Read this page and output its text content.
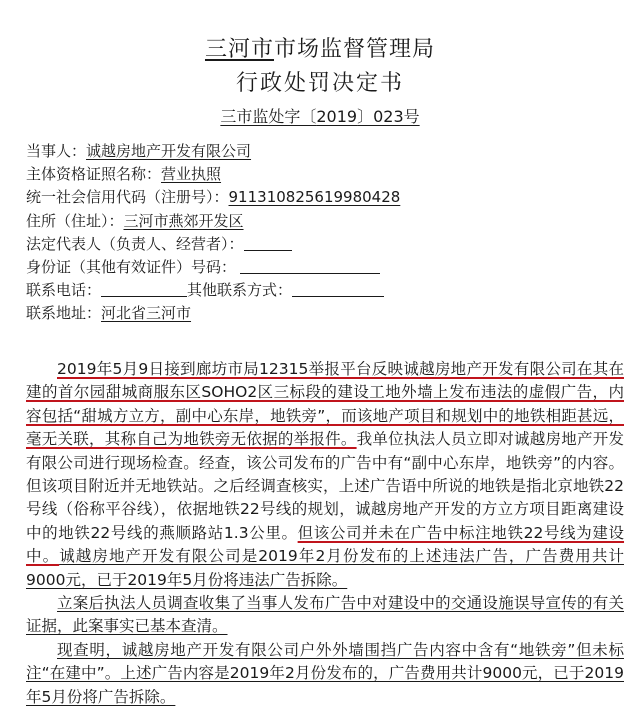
三河市市场监督管理局
行政处罚决定书
三市监处字〔2019〕023号
当事人：诚越房地产开发有限公司
主体资格证照名称：营业执照
统一社会信用代码（注册号）：911310825619980428
住所（住址）：三河市燕郊开发区
法定代表人（负责人、经营者）：
身份证（其他有效证件）号码：
联系电话：	其他联系方式：
联系地址：河北省三河市

2019年5月9日接到廊坊市局12315举报平台反映诚越房地产开发有限公司在其在建的首尔园甜城商服东区SOHO2区三标段的建设工地外墙上发布违法的虚假广告，内容包括“甜城方立方，副中心东岸，地铁旁”，而该地产项目和规划中的地铁相距甚远，毫无关联，其称自己为地铁旁无依据的举报件。我单位执法人员立即对诚越房地产开发有限公司进行现场检查。经查，该公司发布的广告中有“副中心东岸，地铁旁”的内容。但该项目附近并无地铁站。之后经调查核实，上述广告语中所说的地铁是指北京地铁22号线（俗称平谷线），依据地铁22号线的规划，诚越房地产开发的方立方项目距离建设中的地铁22号线的燕顺路站1.3公里。但该公司并未在广告中标注地铁22号线为建设中。诚越房地产开发有限公司是2019年2月份发布的上述违法广告，广告费用共计9000元，已于2019年5月份将违法广告拆除。

立案后执法人员调查收集了当事人发布广告中对建设中的交通设施误导宣传的有关证据，此案事实已基本查清。

现查明，诚越房地产开发有限公司户外外墙围挡广告内容中含有“地铁旁”但未标注“在建中”。上述广告内容是2019年2月份发布的，广告费用共计9000元，已于2019年5月份将广告拆除。
